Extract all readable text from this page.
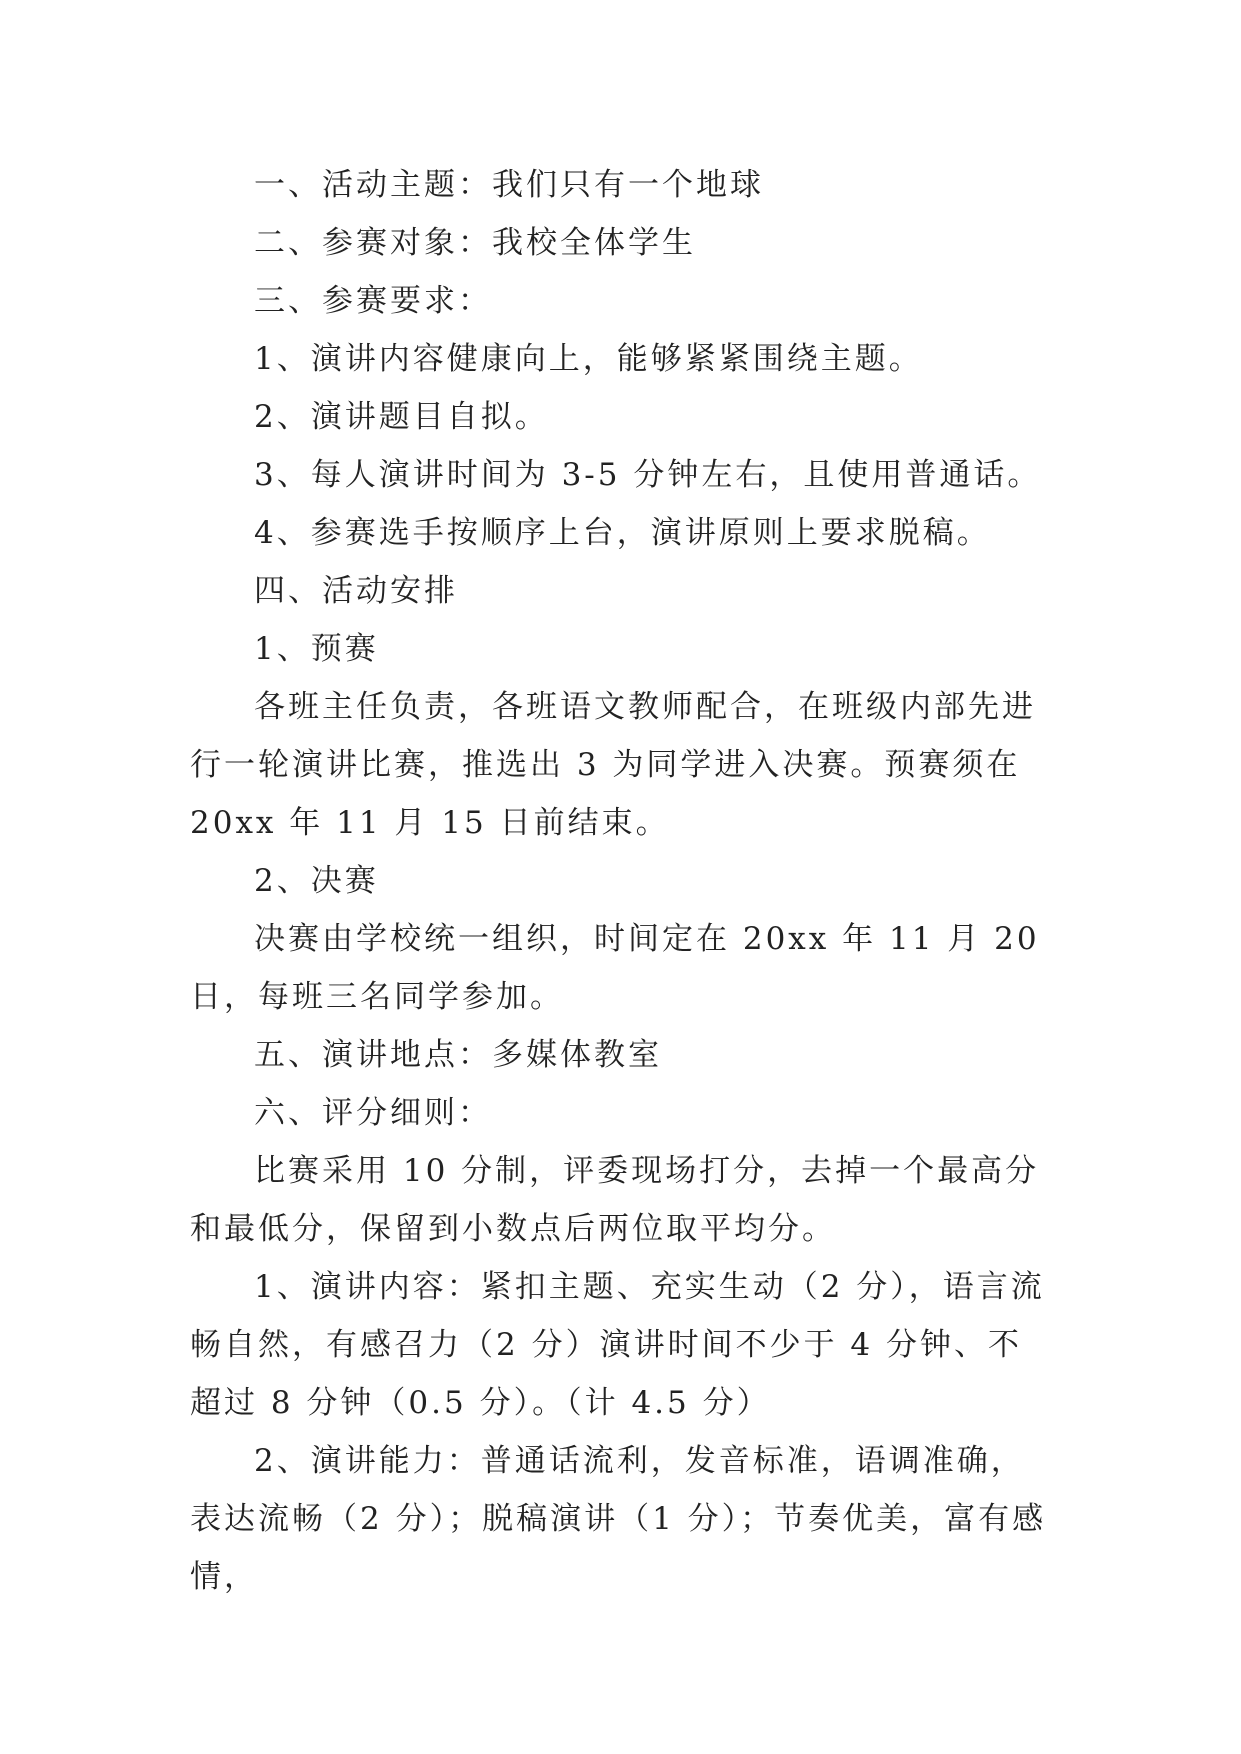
一、活动主题：我们只有一个地球

二、参赛对象：我校全体学生

三、参赛要求：

1、演讲内容健康向上，能够紧紧围绕主题。

2、演讲题目自拟。

3、每人演讲时间为 3-5 分钟左右，且使用普通话。

4、参赛选手按顺序上台，演讲原则上要求脱稿。

四、活动安排

1、预赛

各班主任负责，各班语文教师配合，在班级内部先进行一轮演讲比赛，推选出 3 为同学进入决赛。预赛须在 20xx 年 11 月 15 日前结束。

2、决赛

决赛由学校统一组织，时间定在 20xx 年 11 月 20 日，每班三名同学参加。

五、演讲地点：多媒体教室

六、评分细则：

比赛采用 10 分制，评委现场打分，去掉一个最高分和最低分，保留到小数点后两位取平均分。

1、演讲内容：紧扣主题、充实生动（2 分），语言流畅自然，有感召力（2 分）演讲时间不少于 4 分钟、不超过 8 分钟（0.5 分）。（计 4.5 分）

2、演讲能力：普通话流利，发音标准，语调准确，表达流畅（2 分）；脱稿演讲（1 分）；节奏优美，富有感情，
